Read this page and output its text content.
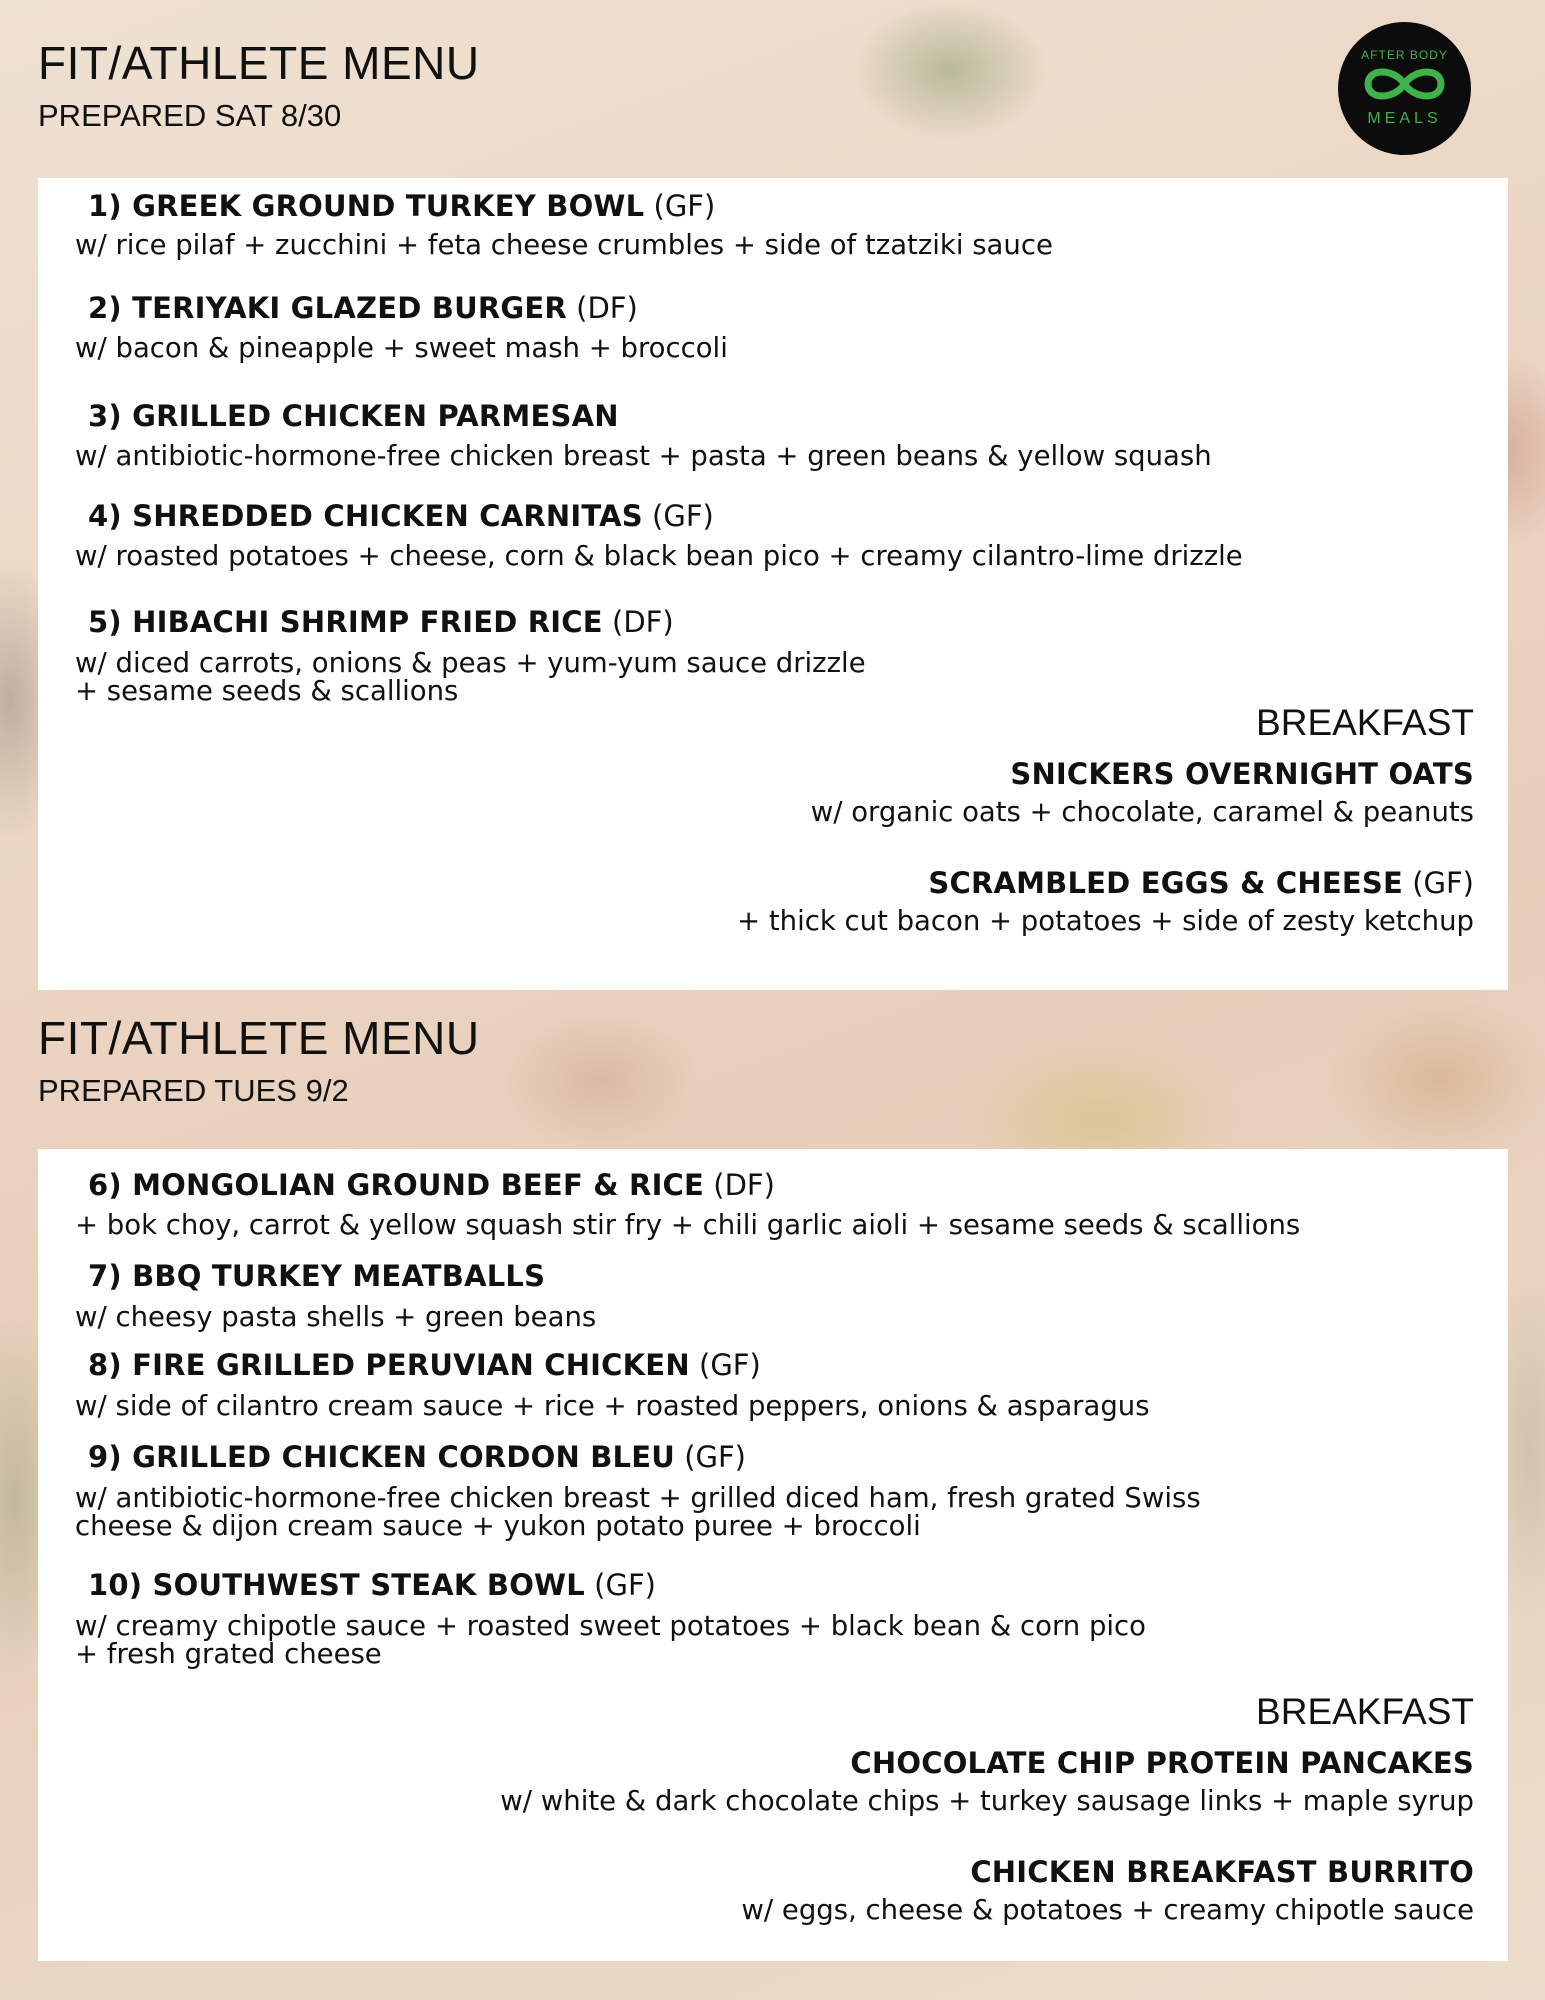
AFTER BODY
MEALS
FIT/ATHLETE MENU
PREPARED SAT 8/30
1) GREEK GROUND TURKEY BOWL (GF)
w/ rice pilaf + zucchini + feta cheese crumbles + side of tzatziki sauce
2) TERIYAKI GLAZED BURGER (DF)
w/ bacon & pineapple + sweet mash + broccoli
3) GRILLED CHICKEN PARMESAN
w/ antibiotic-hormone-free chicken breast + pasta + green beans & yellow squash
4) SHREDDED CHICKEN CARNITAS (GF)
w/ roasted potatoes + cheese, corn & black bean pico + creamy cilantro-lime drizzle
5) HIBACHI SHRIMP FRIED RICE (DF)
w/ diced carrots, onions & peas + yum-yum sauce drizzle
+ sesame seeds & scallions
BREAKFAST
SNICKERS OVERNIGHT OATS
w/ organic oats + chocolate, caramel & peanuts
SCRAMBLED EGGS & CHEESE (GF)
+ thick cut bacon + potatoes + side of zesty ketchup
FIT/ATHLETE MENU
PREPARED TUES 9/2
6) MONGOLIAN GROUND BEEF & RICE (DF)
+ bok choy, carrot & yellow squash stir fry + chili garlic aioli + sesame seeds & scallions
7) BBQ TURKEY MEATBALLS
w/ cheesy pasta shells + green beans
8) FIRE GRILLED PERUVIAN CHICKEN (GF)
w/ side of cilantro cream sauce + rice + roasted peppers, onions & asparagus
9) GRILLED CHICKEN CORDON BLEU (GF)
w/ antibiotic-hormone-free chicken breast + grilled diced ham, fresh grated Swiss
cheese & dijon cream sauce + yukon potato puree + broccoli
10) SOUTHWEST STEAK BOWL (GF)
w/ creamy chipotle sauce + roasted sweet potatoes + black bean & corn pico
+ fresh grated cheese
BREAKFAST
CHOCOLATE CHIP PROTEIN PANCAKES
w/ white & dark chocolate chips + turkey sausage links + maple syrup
CHICKEN BREAKFAST BURRITO
w/ eggs, cheese & potatoes + creamy chipotle sauce
